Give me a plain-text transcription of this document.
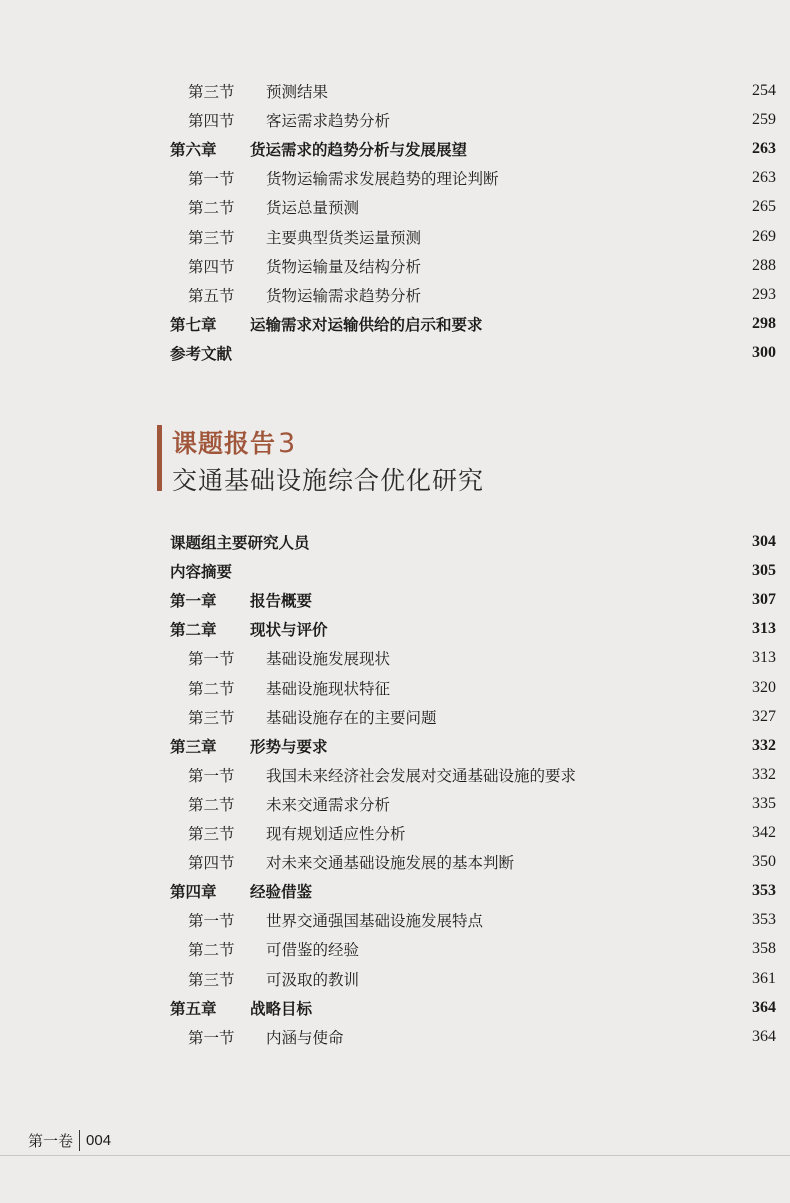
第三节	预测结果	254
第四节	客运需求趋势分析	259
第六章	货运需求的趋势分析与发展展望	263
第一节	货物运输需求发展趋势的理论判断	263
第二节	货运总量预测	265
第三节	主要典型货类运量预测	269
第四节	货物运输量及结构分析	288
第五节	货物运输需求趋势分析	293
第七章	运输需求对运输供给的启示和要求	298
参考文献	300
课题组主要研究人员	304
内容摘要	305
第一章	报告概要	307
第二章	现状与评价	313
第一节	基础设施发展现状	313
第二节	基础设施现状特征	320
第三节	基础设施存在的主要问题	327
第三章	形势与要求	332
第一节	我国未来经济社会发展对交通基础设施的要求	332
第二节	未来交通需求分析	335
第三节	现有规划适应性分析	342
第四节	对未来交通基础设施发展的基本判断	350
第四章	经验借鉴	353
第一节	世界交通强国基础设施发展特点	353
第二节	可借鉴的经验	358
第三节	可汲取的教训	361
第五章	战略目标	364
第一节	内涵与使命	364
课题报告3
交通基础设施综合优化研究
第一卷 004
